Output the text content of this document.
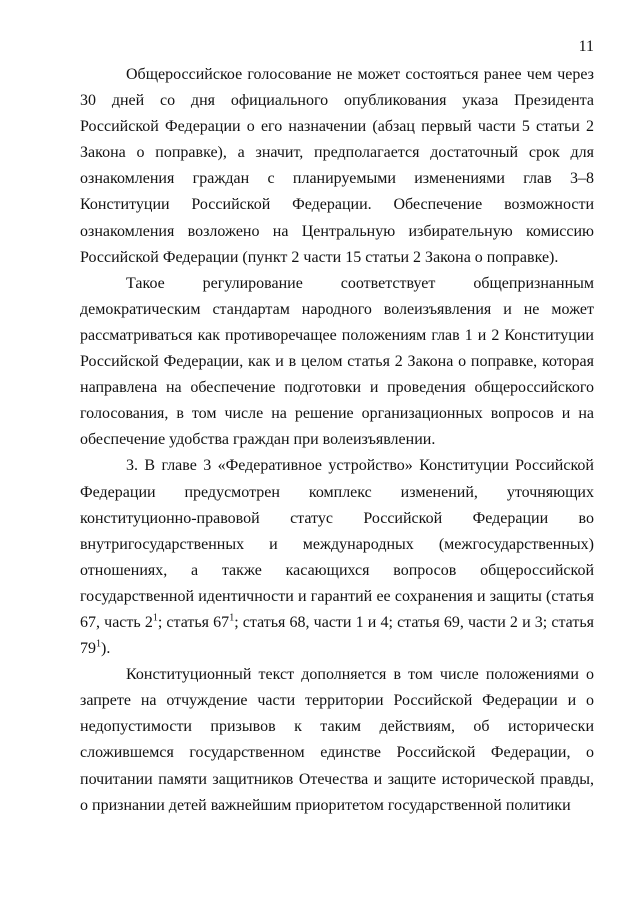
11

Общероссийское голосование не может состояться ранее чем через 30 дней со дня официального опубликования указа Президента Российской Федерации о его назначении (абзац первый части 5 статьи 2 Закона о поправке), а значит, предполагается достаточный срок для ознакомления граждан с планируемыми изменениями глав 3–8 Конституции Российской Федерации. Обеспечение возможности ознакомления возложено на Центральную избирательную комиссию Российской Федерации (пункт 2 части 15 статьи 2 Закона о поправке).

Такое регулирование соответствует общепризнанным демократическим стандартам народного волеизъявления и не может рассматриваться как противоречащее положениям глав 1 и 2 Конституции Российской Федерации, как и в целом статья 2 Закона о поправке, которая направлена на обеспечение подготовки и проведения общероссийского голосования, в том числе на решение организационных вопросов и на обеспечение удобства граждан при волеизъявлении.

3. В главе 3 «Федеративное устройство» Конституции Российской Федерации предусмотрен комплекс изменений, уточняющих конституционно-правовой статус Российской Федерации во внутригосударственных и международных (межгосударственных) отношениях, а также касающихся вопросов общероссийской государственной идентичности и гарантий ее сохранения и защиты (статья 67, часть $2^1$; статья $67^1$; статья 68, части 1 и 4; статья 69, части 2 и 3; статья $79^1$).

Конституционный текст дополняется в том числе положениями о запрете на отчуждение части территории Российской Федерации и о недопустимости призывов к таким действиям, об исторически сложившемся государственном единстве Российской Федерации, о почитании памяти защитников Отечества и защите исторической правды, о признании детей важнейшим приоритетом государственной политики
